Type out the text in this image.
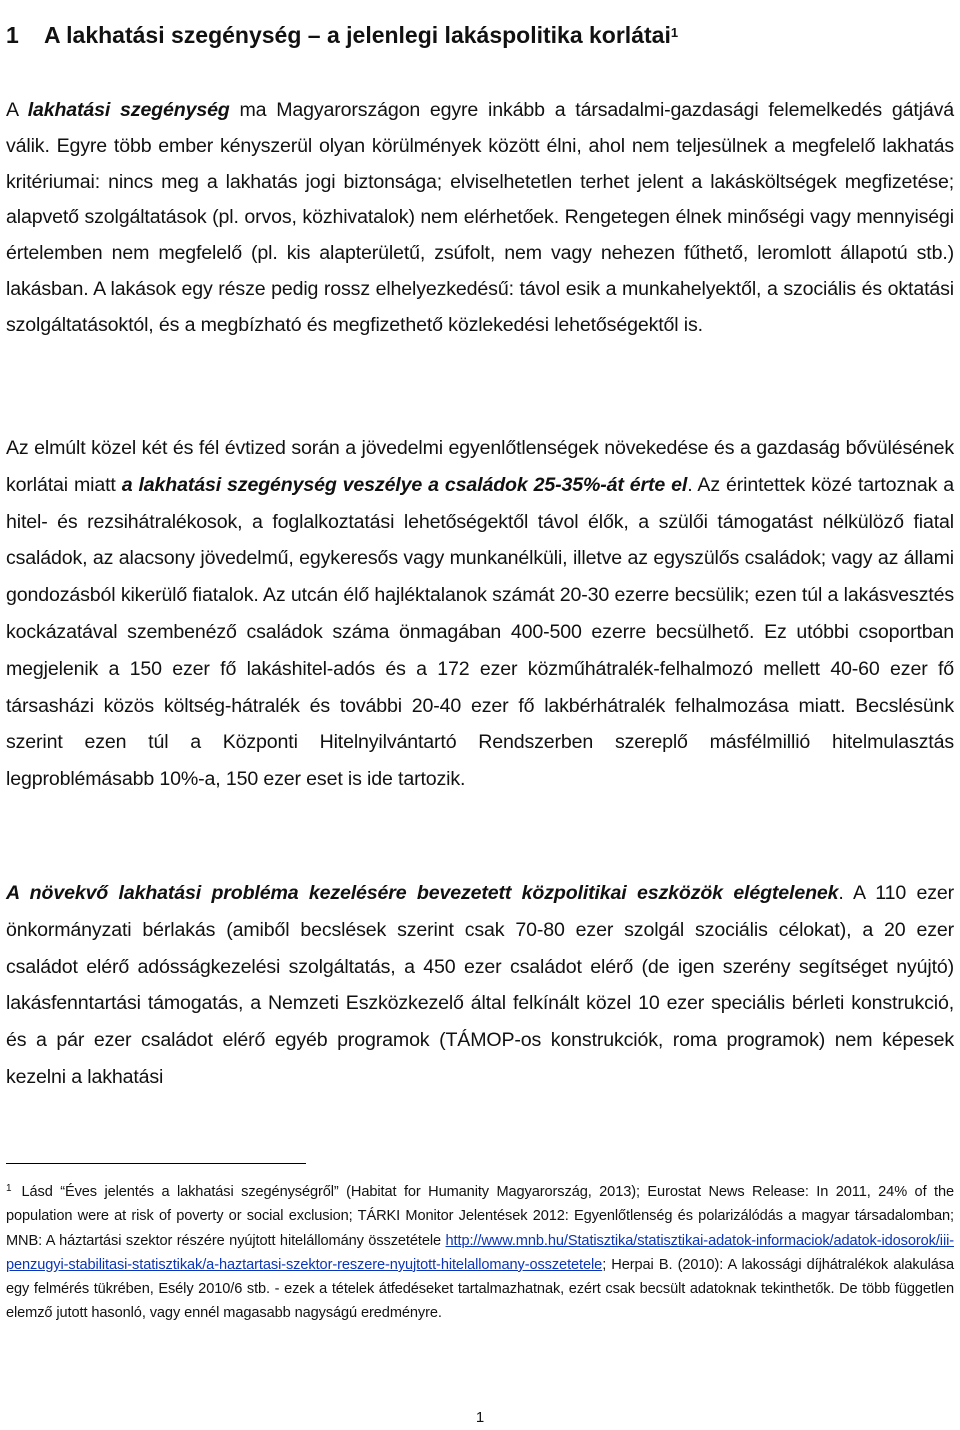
1 A lakhatási szegénység – a jelenlegi lakáspolitika korlátai$^1$

A lakhatási szegénység ma Magyarországon egyre inkább a társadalmi-gazdasági felemelkedés gátjává válik. Egyre több ember kényszerül olyan körülmények között élni, ahol nem teljesülnek a megfelelő lakhatás kritériumai: nincs meg a lakhatás jogi biztonsága; elviselhetetlen terhet jelent a lakásköltségek megfizetése; alapvető szolgáltatások (pl. orvos, közhivatalok) nem elérhetőek. Rengetegen élnek minőségi vagy mennyiségi értelemben nem megfelelő (pl. kis alapterületű, zsúfolt, nem vagy nehezen fűthető, leromlott állapotú stb.) lakásban. A lakások egy része pedig rossz elhelyezkedésű: távol esik a munkahelyektől, a szociális és oktatási szolgáltatásoktól, és a megbízható és megfizethető közlekedési lehetőségektől is.

Az elmúlt közel két és fél évtized során a jövedelmi egyenlőtlenségek növekedése és a gazdaság bővülésének korlátai miatt a lakhatási szegénység veszélye a családok 25-35%-át érte el. Az érintettek közé tartoznak a hitel- és rezsihátralékosok, a foglalkoztatási lehetőségektől távol élők, a szülői támogatást nélkülöző fiatal családok, az alacsony jövedelmű, egykeresős vagy munkanélküli, illetve az egyszülős családok; vagy az állami gondozásból kikerülő fiatalok. Az utcán élő hajléktalanok számát 20-30 ezerre becsülik; ezen túl a lakásvesztés kockázatával szembenéző családok száma önmagában 400-500 ezerre becsülhető. Ez utóbbi csoportban megjelenik a 150 ezer fő lakáshitel-adós és a 172 ezer közműhátralék-felhalmozó mellett 40-60 ezer fő társasházi közös költség-hátralék és további 20-40 ezer fő lakbérhátralék felhalmozása miatt. Becslésünk szerint ezen túl a Központi Hitelnyilvántartó Rendszerben szereplő másfélmillió hitelmulasztás legproblémásabb 10%-a, 150 ezer eset is ide tartozik.

A növekvő lakhatási probléma kezelésére bevezetett közpolitikai eszközök elégtelenek. A 110 ezer önkormányzati bérlakás (amiből becslések szerint csak 70-80 ezer szolgál szociális célokat), a 20 ezer családot elérő adósságkezelési szolgáltatás, a 450 ezer családot elérő (de igen szerény segítséget nyújtó) lakásfenntartási támogatás, a Nemzeti Eszközkezelő által felkínált közel 10 ezer speciális bérleti konstrukció, és a pár ezer családot elérő egyéb programok (TÁMOP-os konstrukciók, roma programok) nem képesek kezelni a lakhatási

$^1$ Lásd “Éves jelentés a lakhatási szegénységről” (Habitat for Humanity Magyarország, 2013); Eurostat News Release: In 2011, 24% of the population were at risk of poverty or social exclusion; TÁRKI Monitor Jelentések 2012: Egyenlőtlenség és polarizálódás a magyar társadalomban; MNB: A háztartási szektor részére nyújtott hitelállomány összetétele http://www.mnb.hu/Statisztika/statisztikai-adatok-informaciok/adatok-idosorok/iii-penzugyi-stabilitasi-statisztikak/a-haztartasi-szektor-reszere-nyujtott-hitelallomany-osszetetele; Herpai B. (2010): A lakossági díjhátralékok alakulása egy felmérés tükrében, Esély 2010/6 stb. - ezek a tételek átfedéseket tartalmazhatnak, ezért csak becsült adatoknak tekinthetők. De több független elemző jutott hasonló, vagy ennél magasabb nagyságú eredményre.

1
